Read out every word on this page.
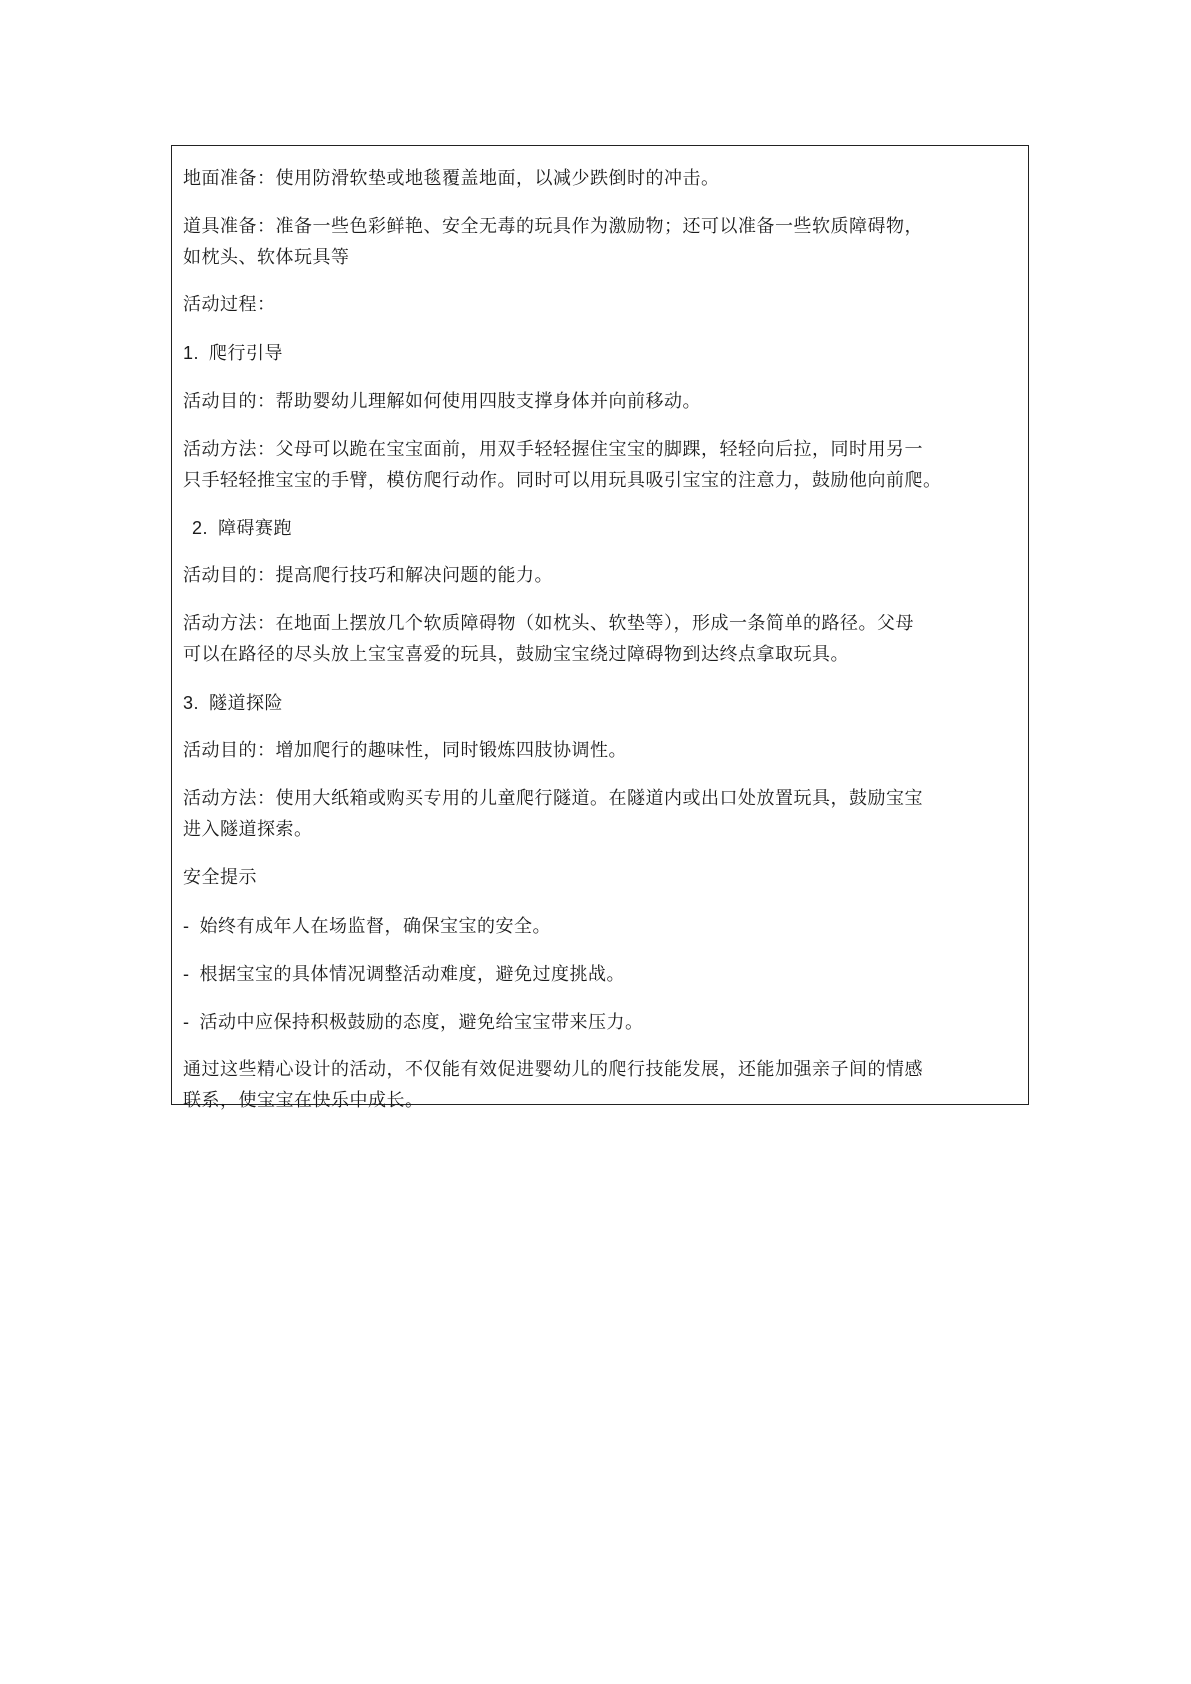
地面准备：使用防滑软垫或地毯覆盖地面，以减少跌倒时的冲击。

道具准备：准备一些色彩鲜艳、安全无毒的玩具作为激励物；还可以准备一些软质障碍物，

如枕头、软体玩具等

活动过程：

1. 爬行引导

活动目的：帮助婴幼儿理解如何使用四肢支撑身体并向前移动。

活动方法：父母可以跪在宝宝面前，用双手轻轻握住宝宝的脚踝，轻轻向后拉，同时用另一

只手轻轻推宝宝的手臂，模仿爬行动作。同时可以用玩具吸引宝宝的注意力，鼓励他向前爬。

2. 障碍赛跑

活动目的：提高爬行技巧和解决问题的能力。

活动方法：在地面上摆放几个软质障碍物（如枕头、软垫等），形成一条简单的路径。父母

可以在路径的尽头放上宝宝喜爱的玩具，鼓励宝宝绕过障碍物到达终点拿取玩具。

3. 隧道探险

活动目的：增加爬行的趣味性，同时锻炼四肢协调性。

活动方法：使用大纸箱或购买专用的儿童爬行隧道。在隧道内或出口处放置玩具，鼓励宝宝

进入隧道探索。

安全提示

- 始终有成年人在场监督，确保宝宝的安全。

- 根据宝宝的具体情况调整活动难度，避免过度挑战。

- 活动中应保持积极鼓励的态度，避免给宝宝带来压力。

通过这些精心设计的活动，不仅能有效促进婴幼儿的爬行技能发展，还能加强亲子间的情感

联系，使宝宝在快乐中成长。
